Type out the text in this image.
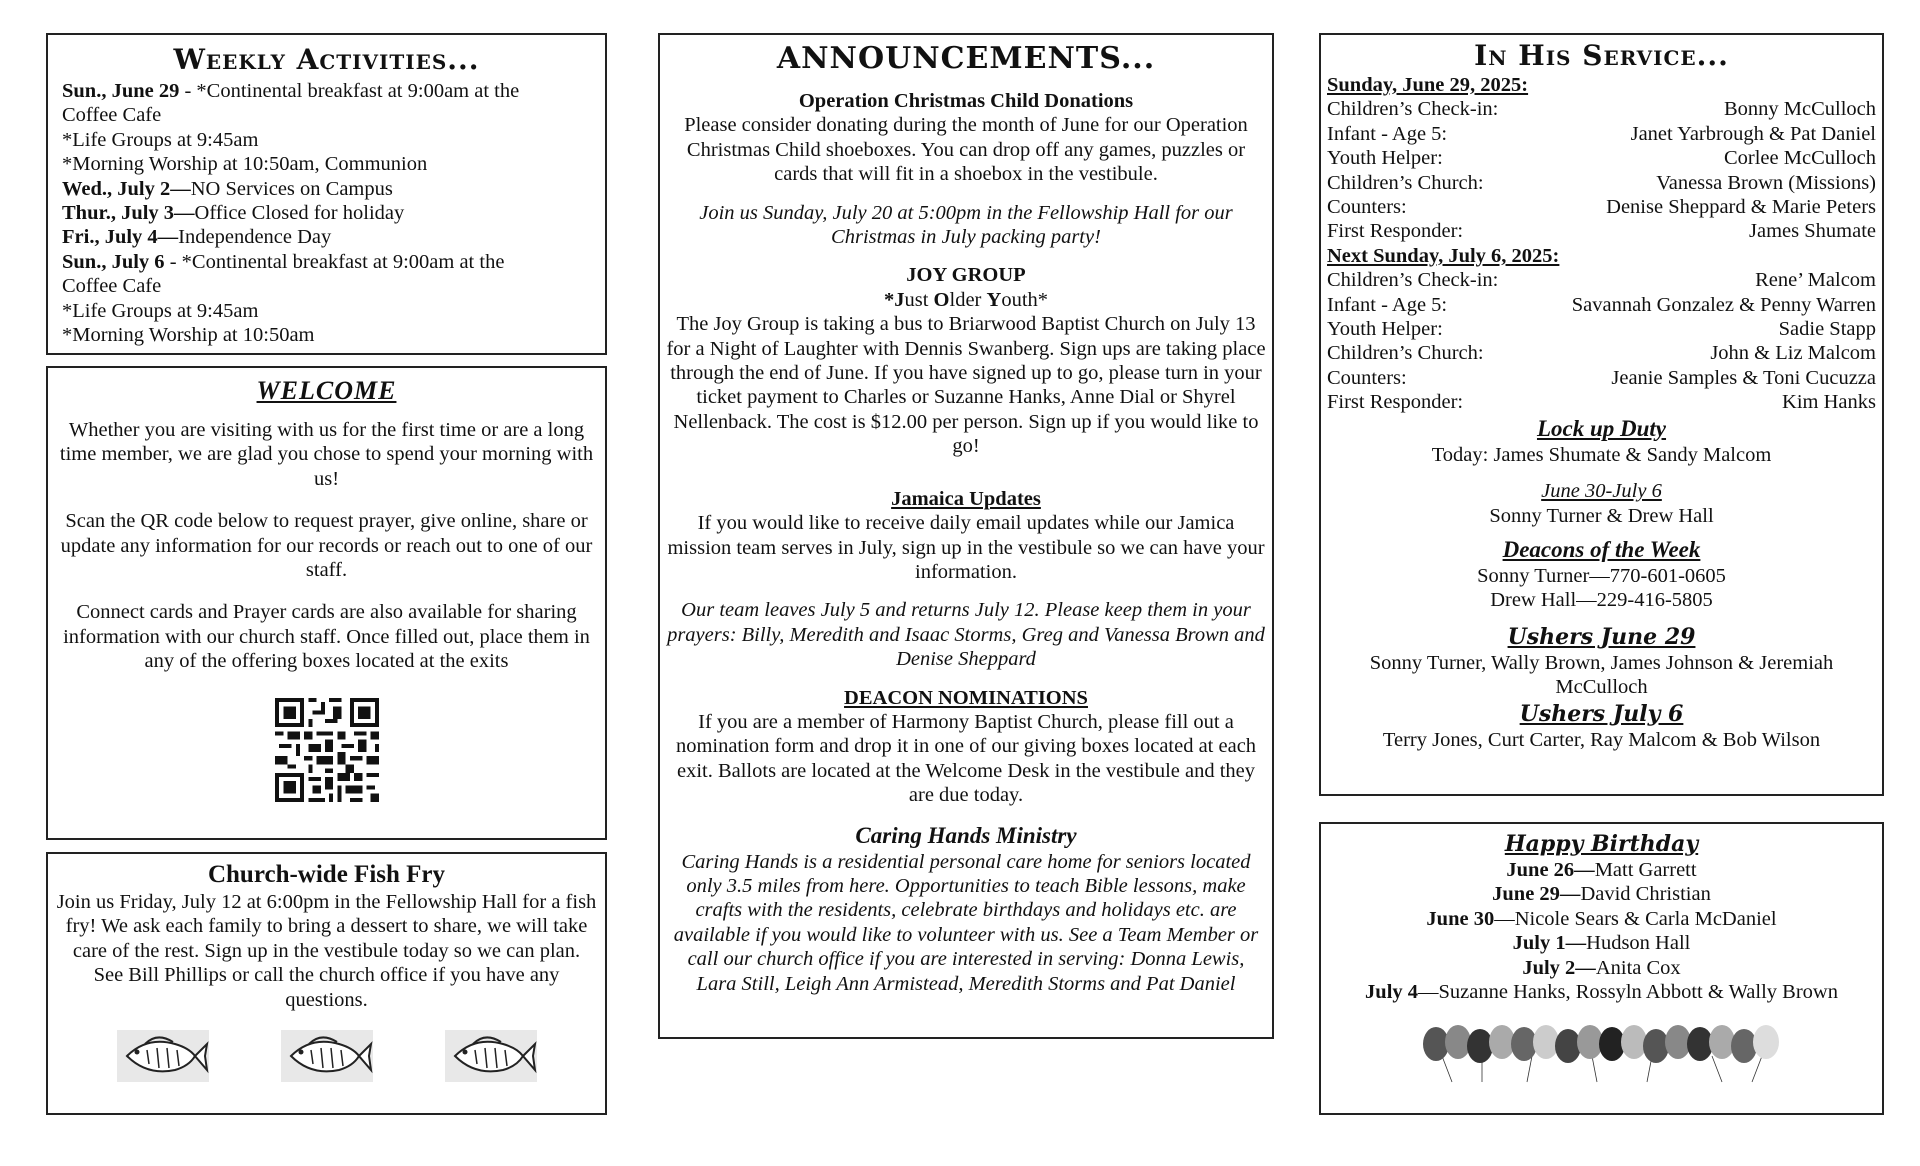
Weekly Activities...
Sun., June 29 - *Continental breakfast at 9:00am at the
Coffee Cafe
*Life Groups at 9:45am
*Morning Worship at 10:50am, Communion
Wed., July 2—NO Services on Campus
Thur., July 3—Office Closed for holiday
Fri., July 4—Independence Day
Sun., July 6 - *Continental breakfast at 9:00am at the
Coffee Cafe
*Life Groups at 9:45am
*Morning Worship at 10:50am
WELCOME
Whether you are visiting with us for the first time or are a long time member, we are glad you chose to spend your morning with us!
Scan the QR code below to request prayer, give online, share or update any information for our records or reach out to one of our staff.
Connect cards and Prayer cards are also available for sharing information with our church staff. Once filled out, place them in any of the offering boxes located at the exits
Church-wide Fish Fry
Join us Friday, July 12 at 6:00pm in the Fellowship Hall for a fish fry! We ask each family to bring a dessert to share, we will take care of the rest. Sign up in the vestibule today so we can plan. See Bill Phillips or call the church office if you have any questions.
ANNOUNCEMENTS...
Operation Christmas Child Donations
Please consider donating during the month of June for our Operation Christmas Child shoeboxes. You can drop off any games, puzzles or cards that will fit in a shoebox in the vestibule.
Join us Sunday, July 20 at 5:00pm in the Fellowship Hall for our Christmas in July packing party!
JOY GROUP
*Just Older Youth*
The Joy Group is taking a bus to Briarwood Baptist Church on July 13 for a Night of Laughter with Dennis Swanberg. Sign ups are taking place through the end of June. If you have signed up to go, please turn in your ticket payment to Charles or Suzanne Hanks, Anne Dial or Shyrel Nellenback. The cost is $12.00 per person. Sign up if you would like to go!
Jamaica Updates
If you would like to receive daily email updates while our Jamica mission team serves in July, sign up in the vestibule so we can have your information.
Our team leaves July 5 and returns July 12. Please keep them in your prayers: Billy, Meredith and Isaac Storms, Greg and Vanessa Brown and Denise Sheppard
DEACON NOMINATIONS
If you are a member of Harmony Baptist Church, please fill out a nomination form and drop it in one of our giving boxes located at each exit. Ballots are located at the Welcome Desk in the vestibule and they are due today.
Caring Hands Ministry
Caring Hands is a residential personal care home for seniors located only 3.5 miles from here. Opportunities to teach Bible lessons, make crafts with the residents, celebrate birthdays and holidays etc. are available if you would like to volunteer with us. See a Team Member or call our church office if you are interested in serving: Donna Lewis, Lara Still, Leigh Ann Armistead, Meredith Storms and Pat Daniel
In His Service...
Sunday, June 29, 2025:
Children’s Check-in:	Bonny McCulloch
Infant - Age 5:	Janet Yarbrough & Pat Daniel
Youth Helper:	Corlee McCulloch
Children’s Church:	Vanessa Brown (Missions)
Counters:	Denise Sheppard & Marie Peters
First Responder:	James Shumate
Next Sunday, July 6, 2025:
Children’s Check-in:	Rene’ Malcom
Infant - Age 5:	Savannah Gonzalez & Penny Warren
Youth Helper:	Sadie Stapp
Children’s Church:	John & Liz Malcom
Counters:	Jeanie Samples & Toni Cucuzza
First Responder:	Kim Hanks
Lock up Duty
Today: James Shumate & Sandy Malcom
June 30-July 6
Sonny Turner & Drew Hall
Deacons of the Week
Sonny Turner—770-601-0605
Drew Hall—229-416-5805
Ushers June 29
Sonny Turner, Wally Brown, James Johnson & Jeremiah McCulloch
Ushers July 6
Terry Jones, Curt Carter, Ray Malcom & Bob Wilson
Happy Birthday
June 26—Matt Garrett
June 29—David Christian
June 30—Nicole Sears & Carla McDaniel
July 1—Hudson Hall
July 2—Anita Cox
July 4—Suzanne Hanks, Rossyln Abbott & Wally Brown
